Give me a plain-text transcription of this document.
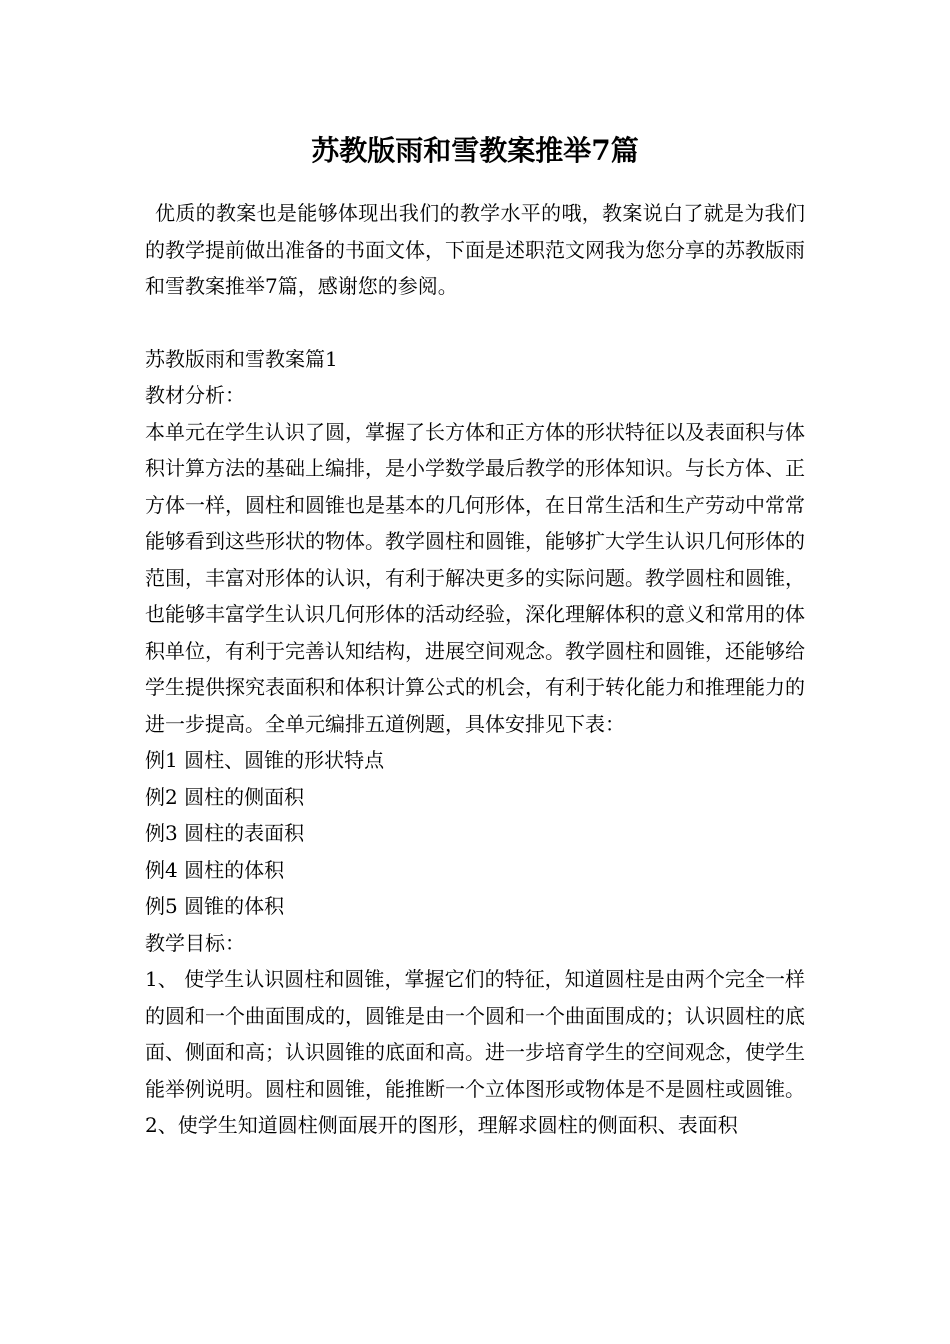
苏教版雨和雪教案推举7篇

优质的教案也是能够体现出我们的教学水平的哦，教案说白了就是为我们的教学提前做出准备的书面文体，下面是述职范文网我为您分享的苏教版雨和雪教案推举7篇，感谢您的参阅。

苏教版雨和雪教案篇1

教材分析：

本单元在学生认识了圆，掌握了长方体和正方体的形状特征以及表面积与体积计算方法的基础上编排，是小学数学最后教学的形体知识。与长方体、正方体一样，圆柱和圆锥也是基本的几何形体，在日常生活和生产劳动中常常能够看到这些形状的物体。教学圆柱和圆锥，能够扩大学生认识几何形体的范围，丰富对形体的认识，有利于解决更多的实际问题。教学圆柱和圆锥，也能够丰富学生认识几何形体的活动经验，深化理解体积的意义和常用的体积单位，有利于完善认知结构，进展空间观念。教学圆柱和圆锥，还能够给学生提供探究表面积和体积计算公式的机会，有利于转化能力和推理能力的进一步提高。全单元编排五道例题，具体安排见下表：

例1 圆柱、圆锥的形状特点

例2 圆柱的侧面积

例3 圆柱的表面积

例4 圆柱的体积

例5 圆锥的体积

教学目标：

1、 使学生认识圆柱和圆锥，掌握它们的特征，知道圆柱是由两个完全一样的圆和一个曲面围成的，圆锥是由一个圆和一个曲面围成的；认识圆柱的底面、侧面和高；认识圆锥的底面和高。进一步培育学生的空间观念，使学生能举例说明。圆柱和圆锥，能推断一个立体图形或物体是不是圆柱或圆锥。

2、使学生知道圆柱侧面展开的图形，理解求圆柱的侧面积、表面积
